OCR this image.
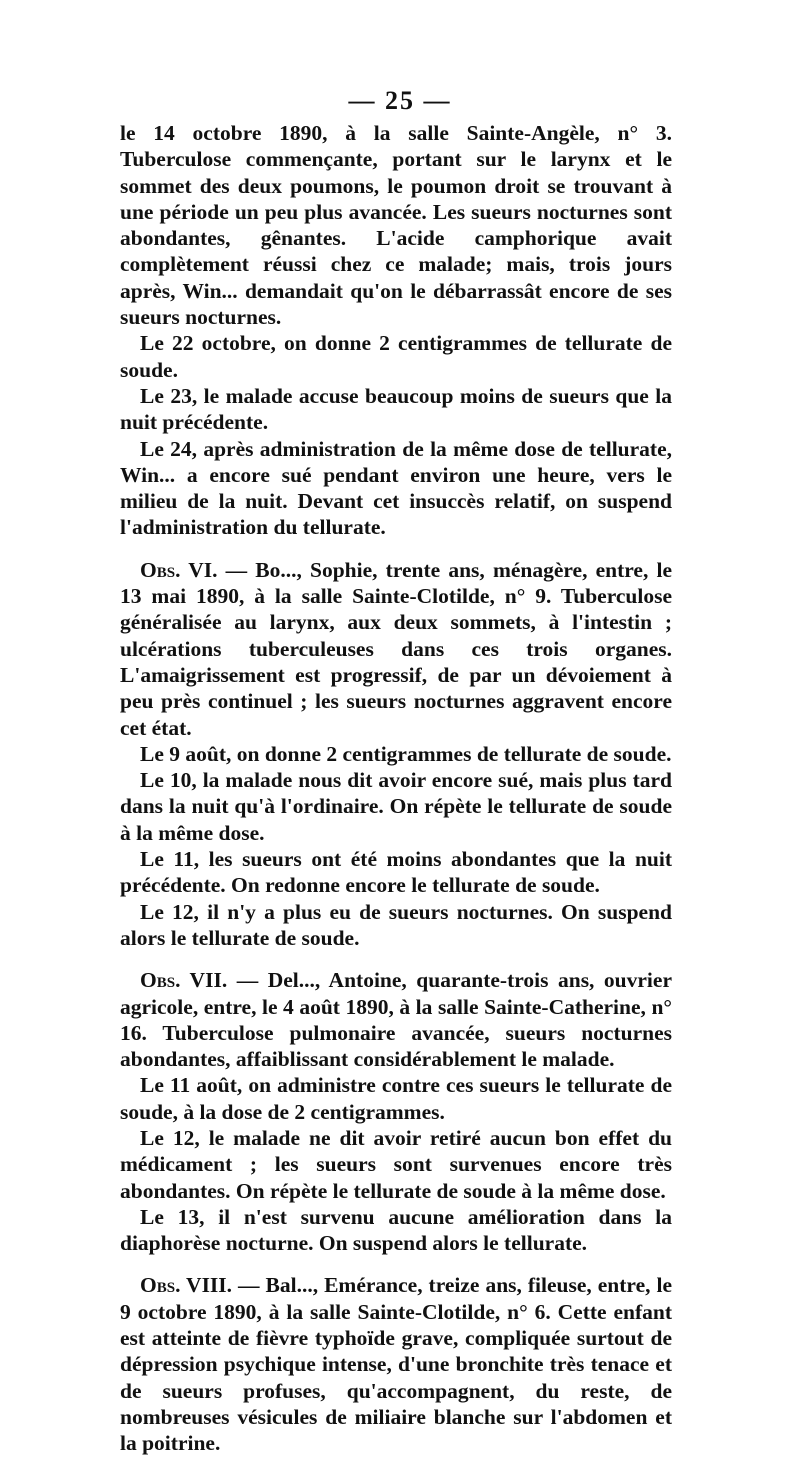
— 25 —

le 14 octobre 1890, à la salle Sainte-Angèle, n° 3. Tuberculose commençante, portant sur le larynx et le sommet des deux poumons, le poumon droit se trouvant à une période un peu plus avancée. Les sueurs nocturnes sont abondantes, gênantes. L'acide camphorique avait complètement réussi chez ce malade; mais, trois jours après, Win... demandait qu'on le débarrassât encore de ses sueurs nocturnes.

Le 22 octobre, on donne 2 centigrammes de tellurate de soude.

Le 23, le malade accuse beaucoup moins de sueurs que la nuit précédente.

Le 24, après administration de la même dose de tellurate, Win... a encore sué pendant environ une heure, vers le milieu de la nuit. Devant cet insuccès relatif, on suspend l'administration du tellurate.

Obs. VI. — Bo..., Sophie, trente ans, ménagère, entre, le 13 mai 1890, à la salle Sainte-Clotilde, n° 9. Tuberculose généralisée au larynx, aux deux sommets, à l'intestin ; ulcérations tuberculeuses dans ces trois organes. L'amaigrissement est progressif, de par un dévoiement à peu près continuel ; les sueurs nocturnes aggravent encore cet état.

Le 9 août, on donne 2 centigrammes de tellurate de soude.

Le 10, la malade nous dit avoir encore sué, mais plus tard dans la nuit qu'à l'ordinaire. On répète le tellurate de soude à la même dose.

Le 11, les sueurs ont été moins abondantes que la nuit précédente. On redonne encore le tellurate de soude.

Le 12, il n'y a plus eu de sueurs nocturnes. On suspend alors le tellurate de soude.

Obs. VII. — Del..., Antoine, quarante-trois ans, ouvrier agricole, entre, le 4 août 1890, à la salle Sainte-Catherine, n° 16. Tuberculose pulmonaire avancée, sueurs nocturnes abondantes, affaiblissant considérablement le malade.

Le 11 août, on administre contre ces sueurs le tellurate de soude, à la dose de 2 centigrammes.

Le 12, le malade ne dit avoir retiré aucun bon effet du médicament ; les sueurs sont survenues encore très abondantes. On répète le tellurate de soude à la même dose.

Le 13, il n'est survenu aucune amélioration dans la diaphorèse nocturne. On suspend alors le tellurate.

Obs. VIII. — Bal..., Emérance, treize ans, fileuse, entre, le 9 octobre 1890, à la salle Sainte-Clotilde, n° 6. Cette enfant est atteinte de fièvre typhoïde grave, compliquée surtout de dépression psychique intense, d'une bronchite très tenace et de sueurs profuses, qu'accompagnent, du reste, de nombreuses vésicules de miliaire blanche sur l'abdomen et la poitrine.
